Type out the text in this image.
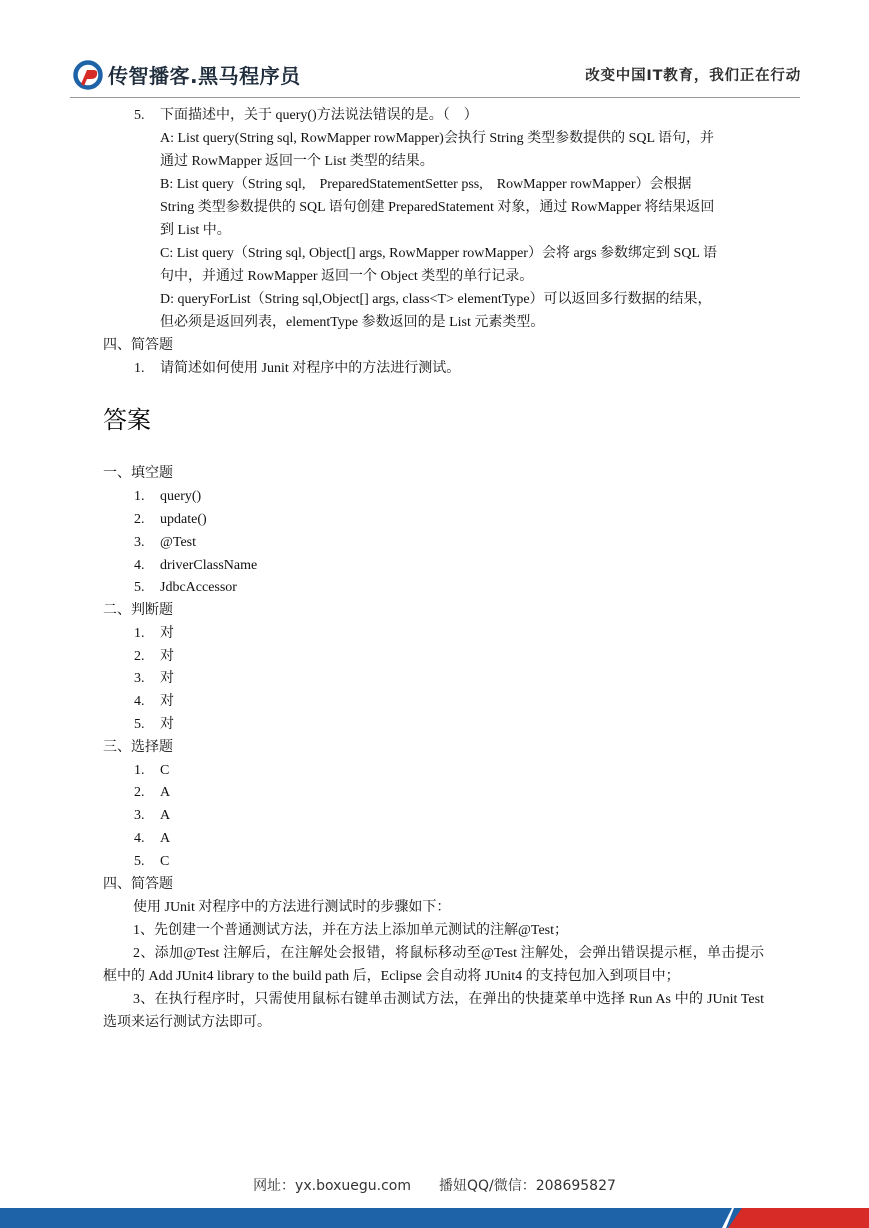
传智播客.黑马程序员	改变中国IT教育，我们正在行动
5. 下面描述中，关于 query()方法说法错误的是。（　）
A: List query(String sql, RowMapper rowMapper)会执行 String 类型参数提供的 SQL 语句，并
通过 RowMapper 返回一个 List 类型的结果。
B: List query（String sql,　PreparedStatementSetter pss,　RowMapper rowMapper）会根据
String 类型参数提供的 SQL 语句创建 PreparedStatement 对象，通过 RowMapper 将结果返回
到 List 中。
C: List query（String sql, Object[] args, RowMapper rowMapper）会将 args 参数绑定到 SQL 语
句中，并通过 RowMapper 返回一个 Object 类型的单行记录。
D: queryForList（String sql,Object[] args, class<T> elementType）可以返回多行数据的结果，
但必须是返回列表，elementType 参数返回的是 List 元素类型。
四、简答题
1. 请简述如何使用 Junit 对程序中的方法进行测试。
答案
一、填空题
1. query()
2. update()
3. @Test
4. driverClassName
5. JdbcAccessor
二、判断题
1. 对
2. 对
3. 对
4. 对
5. 对
三、选择题
1. C
2. A
3. A
4. A
5. C
四、简答题
使用 JUnit 对程序中的方法进行测试时的步骤如下：
1、先创建一个普通测试方法，并在方法上添加单元测试的注解@Test；
2、添加@Test 注解后，在注解处会报错，将鼠标移动至@Test 注解处，会弹出错误提示框，单击提示框中的 Add JUnit4 library to the build path 后，Eclipse 会自动将 JUnit4 的支持包加入到项目中；
3、在执行程序时，只需使用鼠标右键单击测试方法，在弹出的快捷菜单中选择 Run As 中的 JUnit Test 选项来运行测试方法即可。
网址：yx.boxuegu.com　　播妞QQ/微信：208695827
